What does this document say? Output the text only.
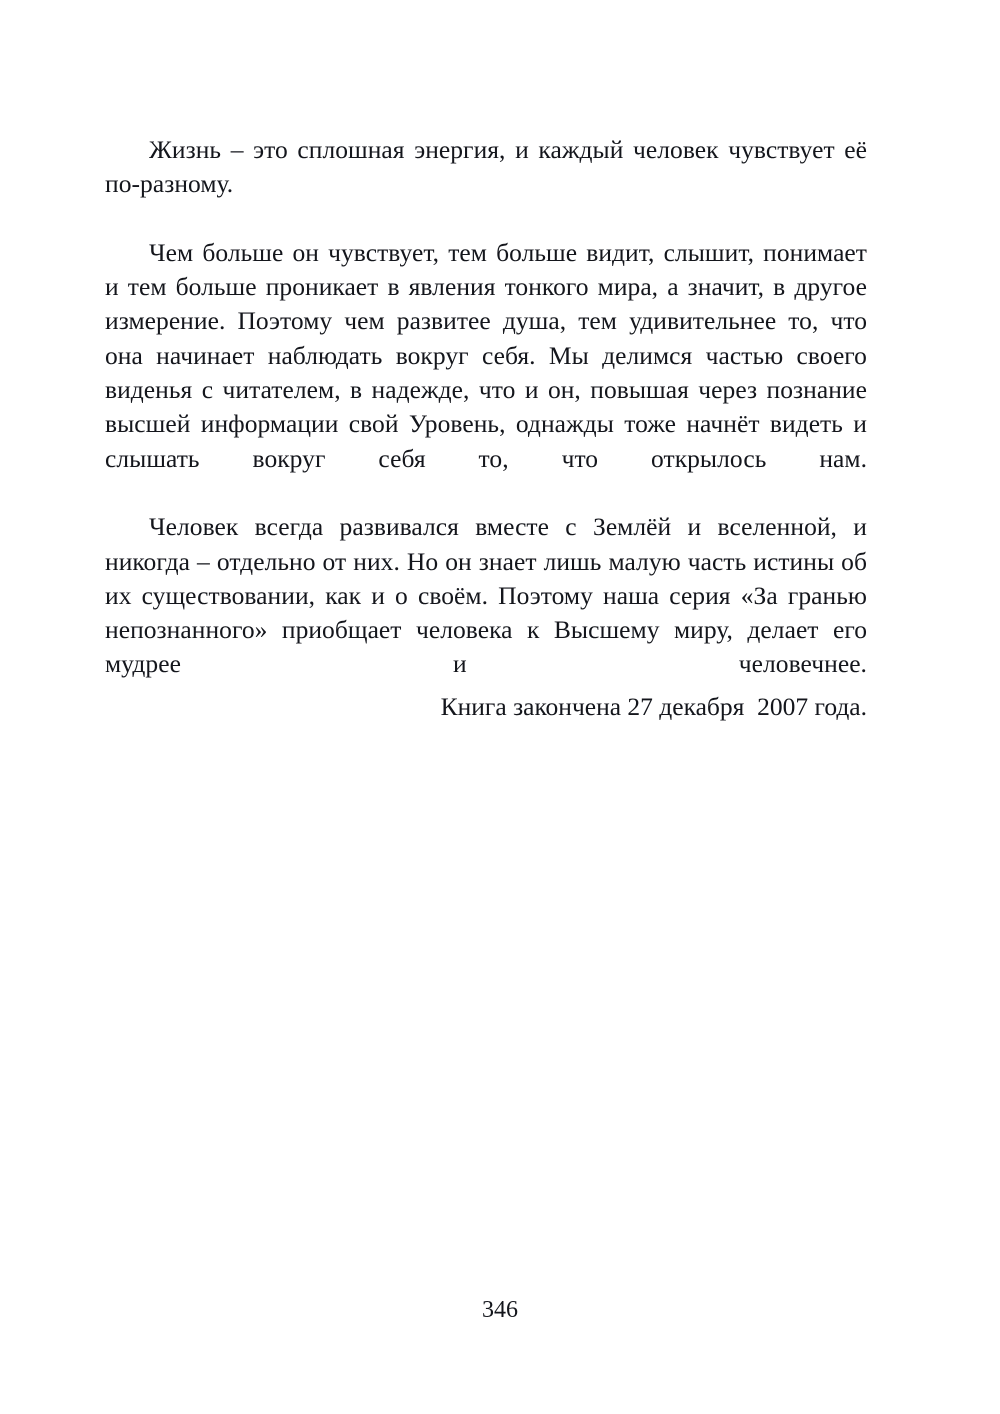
Жизнь – это сплошная энергия, и каждый человек чувствует её по-разному.

Чем больше он чувствует, тем больше видит, слышит, понимает и тем больше проникает в явления тонкого мира, а значит, в другое измерение. Поэтому чем развитее душа, тем удивительнее то, что она начинает наблюдать вокруг себя. Мы делимся частью своего виденья с читателем, в надежде, что и он, повышая через познание высшей информации свой Уровень, однажды тоже начнёт видеть и слышать вокруг себя то, что открылось нам.

Человек всегда развивался вместе с Землёй и вселенной, и никогда – отдельно от них. Но он знает лишь малую часть истины об их существовании, как и о своём. Поэтому наша серия «За гранью непознанного» приобщает человека к Высшему миру, делает его мудрее и человечнее.

Книга закончена 27 декабря  2007 года.
346
